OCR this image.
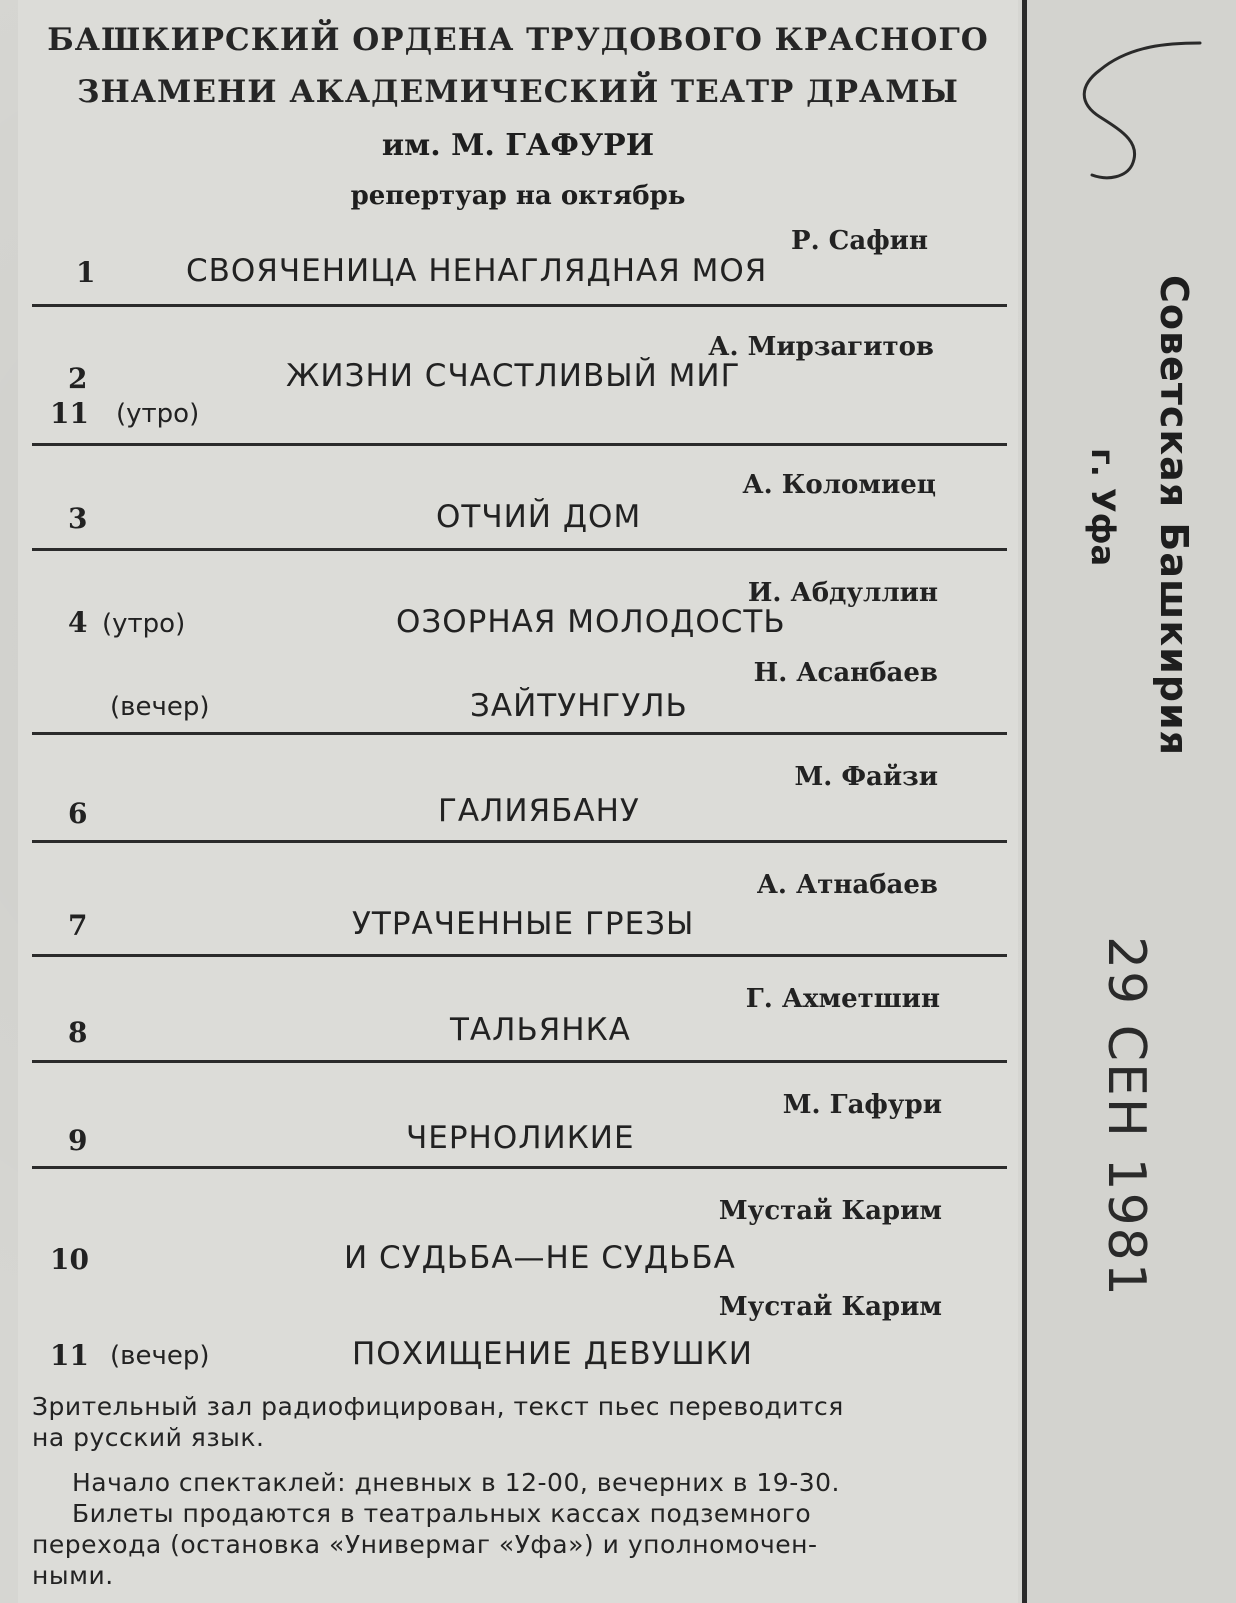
БАШКИРСКИЙ ОРДЕНА ТРУДОВОГО КРАСНОГО
ЗНАМЕНИ АКАДЕМИЧЕСКИЙ ТЕАТР ДРАМЫ
им. М. ГАФУРИ
репертуар на октябрь
Р. Сафин
1	СВОЯЧЕНИЦА НЕНАГЛЯДНАЯ МОЯ
А. Мирзагитов
2	ЖИЗНИ СЧАСТЛИВЫЙ МИГ
11 (утро)
А. Коломиец
3	ОТЧИЙ ДОМ
И. Абдуллин
4 (утро)	ОЗОРНАЯ МОЛОДОСТЬ
Н. Асанбаев
(вечер)	ЗАЙТУНГУЛЬ
М. Файзи
6	ГАЛИЯБАНУ
А. Атнабаев
7	УТРАЧЕННЫЕ ГРЕЗЫ
Г. Ахметшин
8	ТАЛЬЯНКА
М. Гафури
9	ЧЕРНОЛИКИЕ
Мустай Карим
10	И СУДЬБА—НЕ СУДЬБА
Мустай Карим
11 (вечер)	ПОХИЩЕНИЕ ДЕВУШКИ
Зрительный зал радиофицирован, текст пьес переводится
на русский язык.
Начало спектаклей: дневных в 12-00, вечерних в 19-30.
Билеты продаются в театральных кассах подземного
перехода (остановка «Универмаг «Уфа») и уполномочен-
ными.
Советская Башкирия
г. Уфа
29 СЕН 1981
